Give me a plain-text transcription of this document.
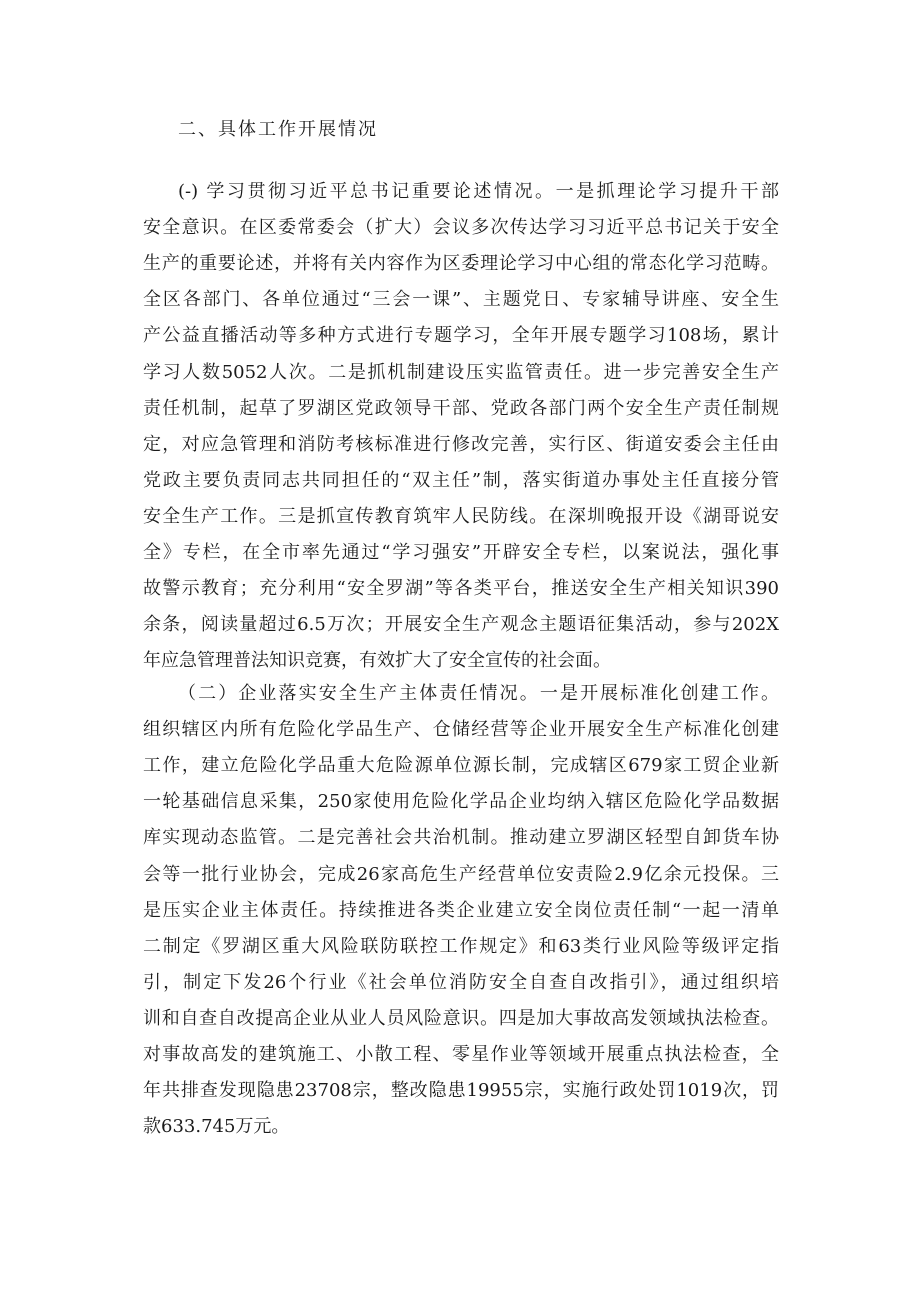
二、具体工作开展情况
(-) 学习贯彻习近平总书记重要论述情况。一是抓理论学习提升干部
安全意识。在区委常委会（扩大）会议多次传达学习习近平总书记关于安全
生产的重要论述，并将有关内容作为区委理论学习中心组的常态化学习范畴。
全区各部门、各单位通过“三会一课”、主题党日、专家辅导讲座、安全生
产公益直播活动等多种方式进行专题学习，全年开展专题学习108场，累计
学习人数5052人次。二是抓机制建设压实监管责任。进一步完善安全生产
责任机制，起草了罗湖区党政领导干部、党政各部门两个安全生产责任制规
定，对应急管理和消防考核标准进行修改完善，实行区、街道安委会主任由
党政主要负责同志共同担任的“双主任”制，落实街道办事处主任直接分管
安全生产工作。三是抓宣传教育筑牢人民防线。在深圳晚报开设《湖哥说安
全》专栏，在全市率先通过“学习强安”开辟安全专栏，以案说法，强化事
故警示教育；充分利用“安全罗湖”等各类平台，推送安全生产相关知识390
余条，阅读量超过6.5万次；开展安全生产观念主题语征集活动，参与202X
年应急管理普法知识竞赛，有效扩大了安全宣传的社会面。
（二）企业落实安全生产主体责任情况。一是开展标准化创建工作。
组织辖区内所有危险化学品生产、仓储经营等企业开展安全生产标准化创建
工作，建立危险化学品重大危险源单位源长制，完成辖区679家工贸企业新
一轮基础信息采集，250家使用危险化学品企业均纳入辖区危险化学品数据
库实现动态监管。二是完善社会共治机制。推动建立罗湖区轻型自卸货车协
会等一批行业协会，完成26家高危生产经营单位安责险2.9亿余元投保。三
是压实企业主体责任。持续推进各类企业建立安全岗位责任制“一起一清单
二制定《罗湖区重大风险联防联控工作规定》和63类行业风险等级评定指
引，制定下发26个行业《社会单位消防安全自查自改指引》，通过组织培
训和自查自改提高企业从业人员风险意识。四是加大事故高发领域执法检查。
对事故高发的建筑施工、小散工程、零星作业等领域开展重点执法检查，全
年共排查发现隐患23708宗，整改隐患19955宗，实施行政处罚1019次，罚
款633.745万元。
